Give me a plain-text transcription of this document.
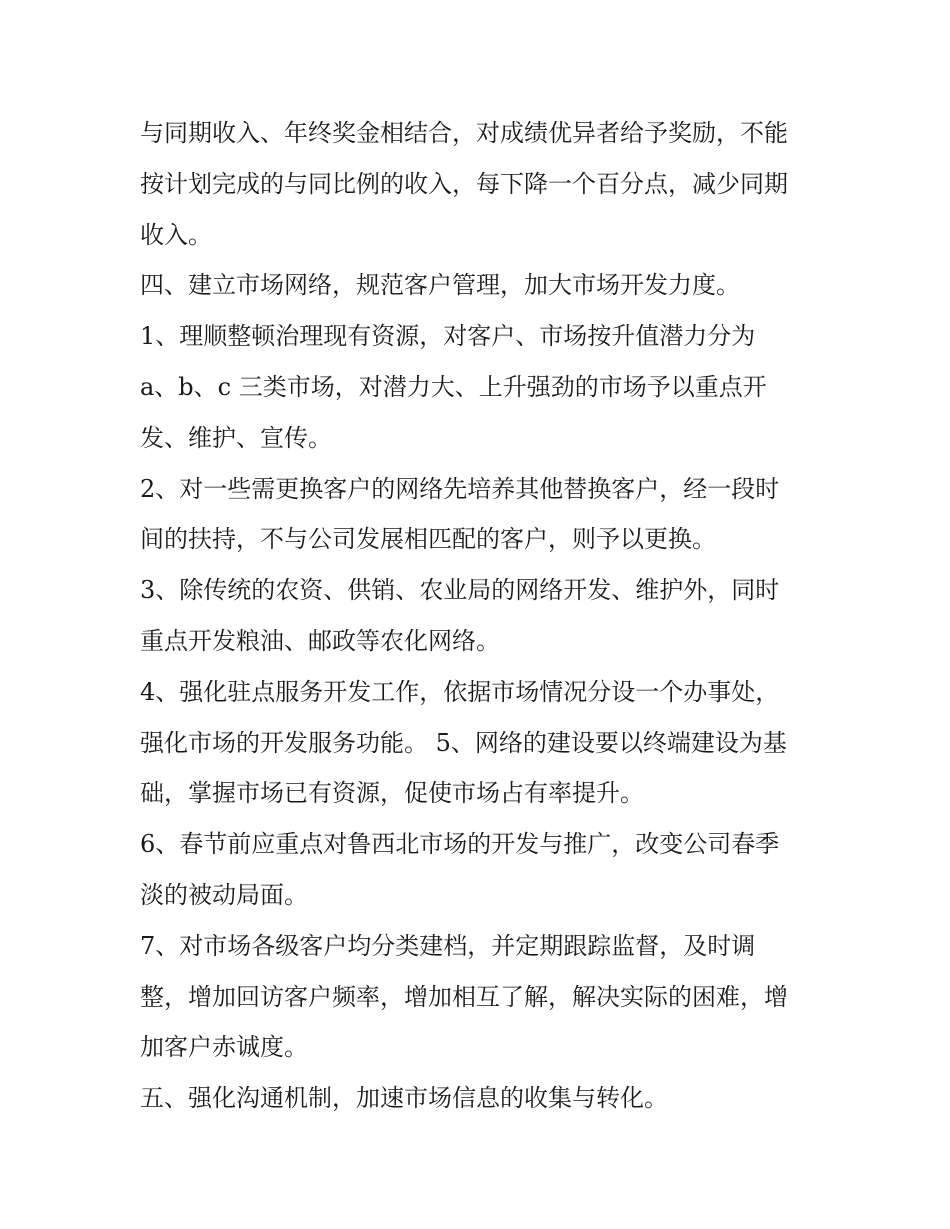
与同期收入、年终奖金相结合，对成绩优异者给予奖励，不能

按计划完成的与同比例的收入，每下降一个百分点，减少同期

收入。

四、建立市场网络，规范客户管理，加大市场开发力度。

1、理顺整顿治理现有资源，对客户、市场按升值潜力分为

a、b、c 三类市场，对潜力大、上升强劲的市场予以重点开

发、维护、宣传。

2、对一些需更换客户的网络先培养其他替换客户，经一段时

间的扶持，不与公司发展相匹配的客户，则予以更换。

3、除传统的农资、供销、农业局的网络开发、维护外，同时

重点开发粮油、邮政等农化网络。

4、强化驻点服务开发工作，依据市场情况分设一个办事处，

强化市场的开发服务功能。 5、网络的建设要以终端建设为基

础，掌握市场已有资源，促使市场占有率提升。

6、春节前应重点对鲁西北市场的开发与推广，改变公司春季

淡的被动局面。

7、对市场各级客户均分类建档，并定期跟踪监督，及时调

整，增加回访客户频率，增加相互了解，解决实际的困难，增

加客户赤诚度。

五、强化沟通机制，加速市场信息的收集与转化。
